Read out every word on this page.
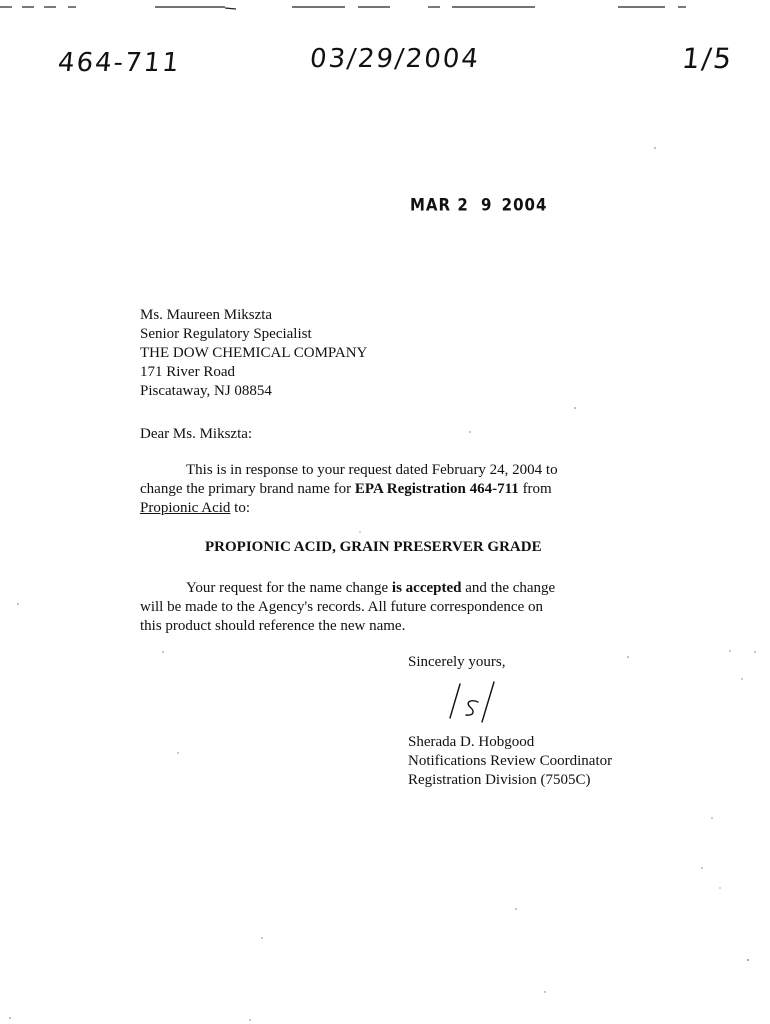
464-711	03/29/2004	1/5
MAR 2 9 2004
Ms. Maureen Mikszta
Senior Regulatory Specialist
THE DOW CHEMICAL COMPANY
171 River Road
Piscataway, NJ 08854
Dear Ms. Mikszta:
This is in response to your request dated February 24, 2004 to
change the primary brand name for EPA Registration 464-711 from
Propionic Acid to:
PROPIONIC ACID, GRAIN PRESERVER GRADE
Your request for the name change is accepted and the change
will be made to the Agency's records. All future correspondence on
this product should reference the new name.
Sincerely yours,
Sherada D. Hobgood
Notifications Review Coordinator
Registration Division (7505C)
